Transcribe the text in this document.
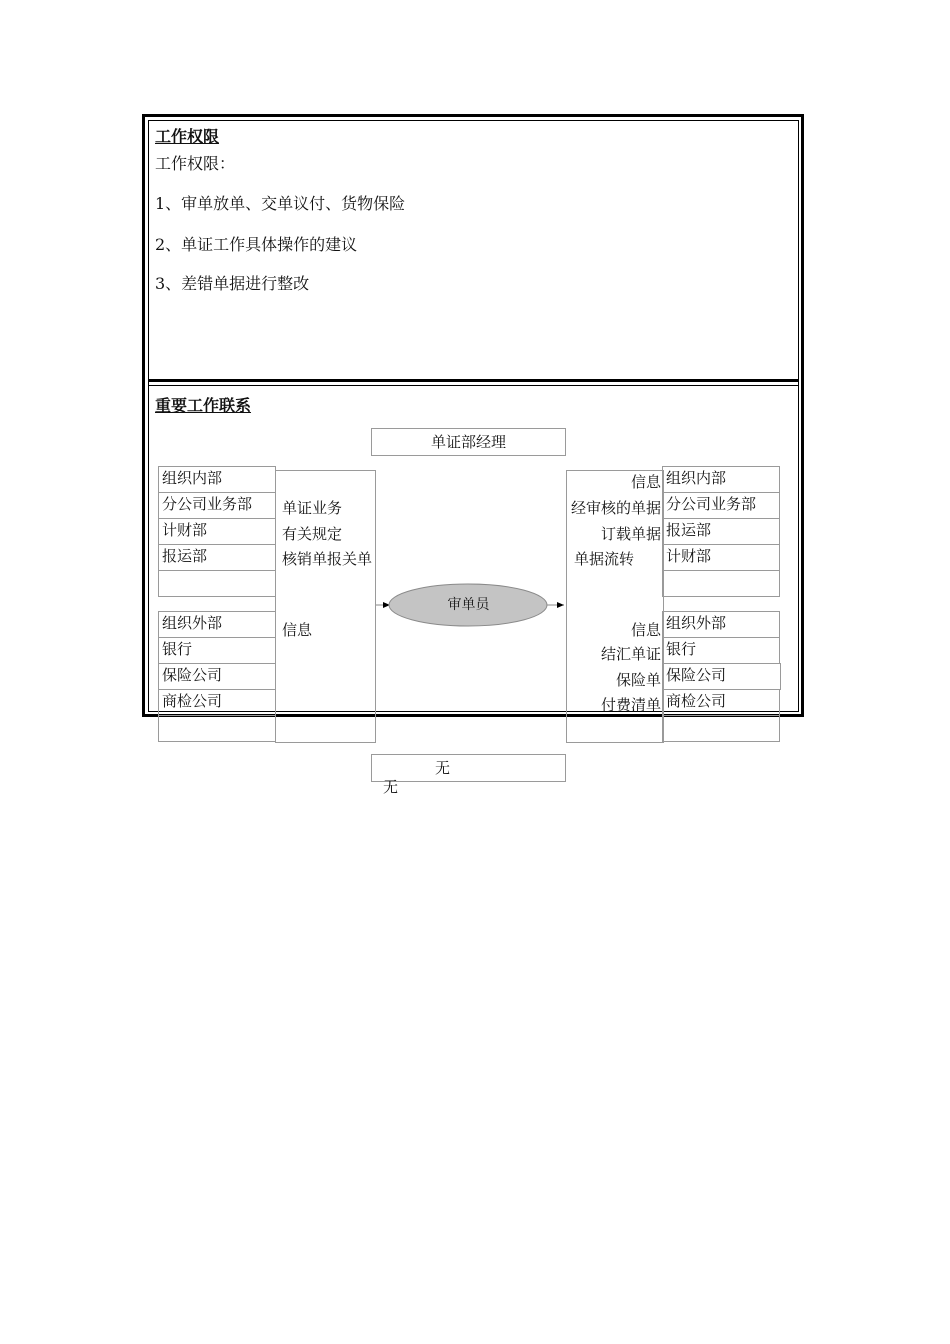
工作权限
工作权限：
1、审单放单、交单议付、货物保险
2、单证工作具体操作的建议
3、差错单据进行整改
重要工作联系
单证部经理
组织内部
分公司业务部
计财部
报运部
组织外部
银行
保险公司
商检公司
单证业务
有关规定
核销单报关单
信息
信息
经审核的单据
订载单据
单据流转
信息
结汇单证
保险单
付费清单
组织内部
分公司业务部
报运部
计财部
组织外部
银行
保险公司
商检公司
审单员
无
无
